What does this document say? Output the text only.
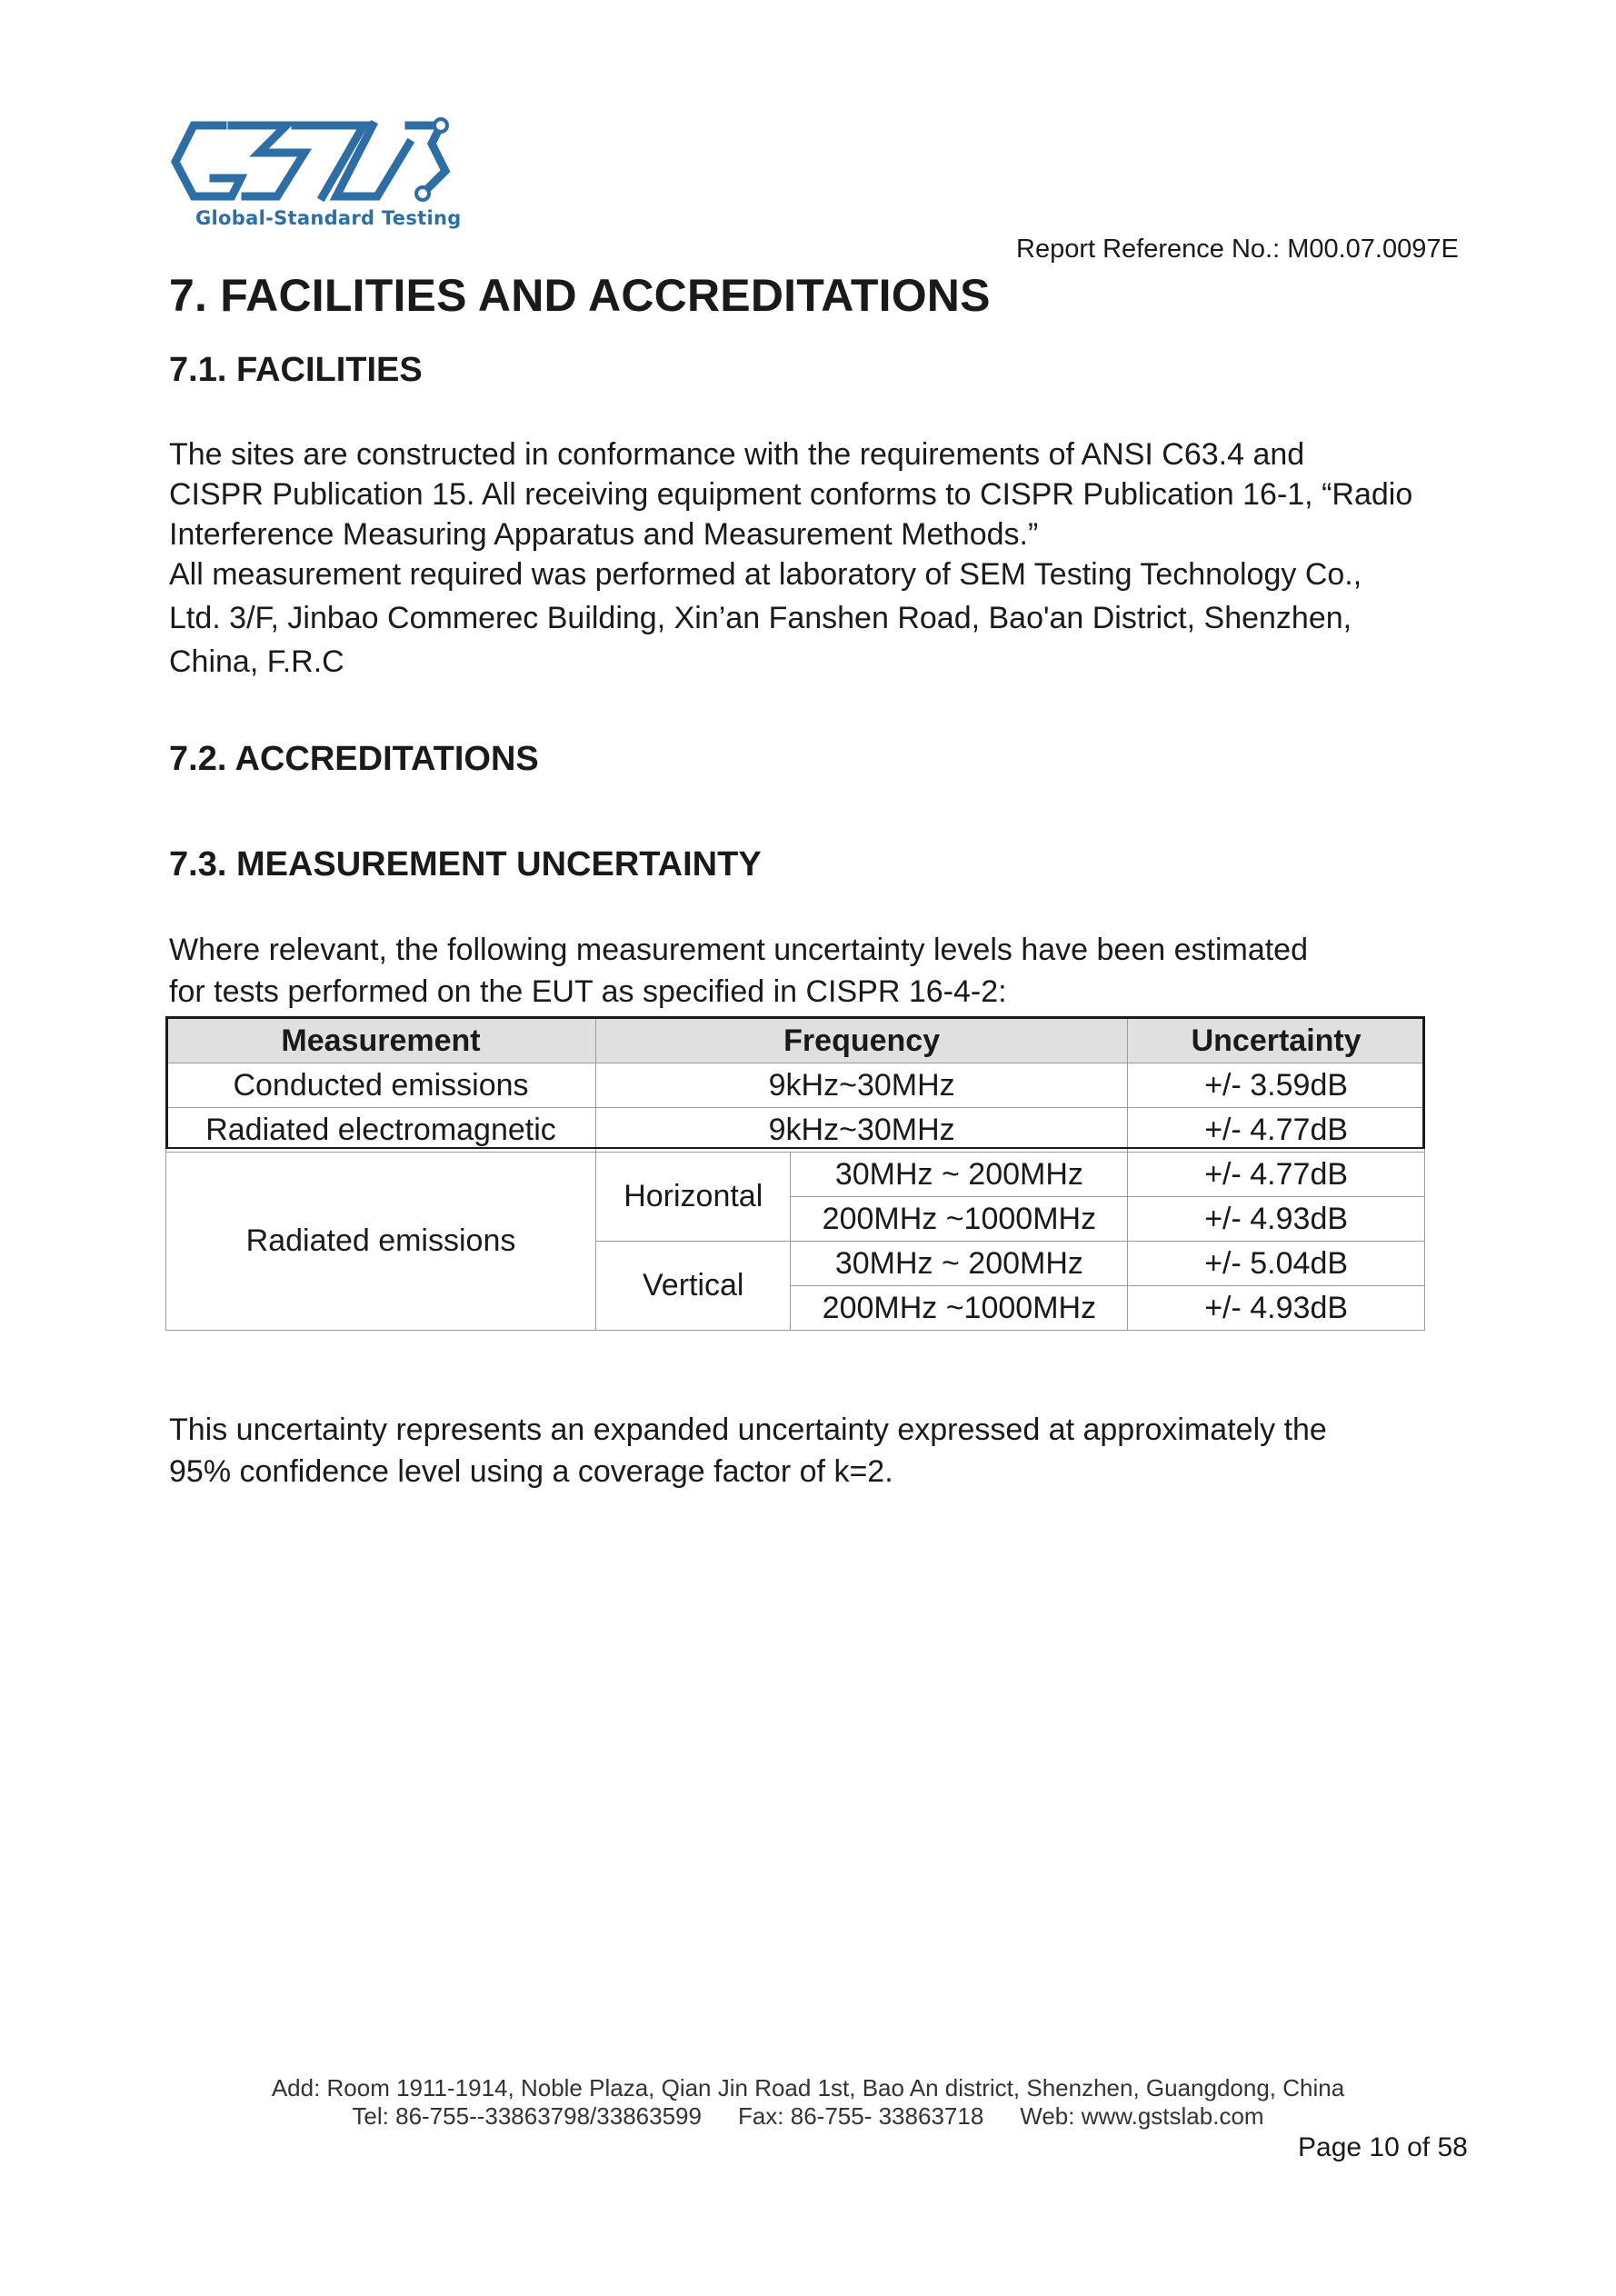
Global-Standard Testing
Report Reference No.: M00.07.0097E
7. FACILITIES AND ACCREDITATIONS
7.1. FACILITIES
The sites are constructed in conformance with the requirements of ANSI C63.4 and
CISPR Publication 15. All receiving equipment conforms to CISPR Publication 16-1, “Radio
Interference Measuring Apparatus and Measurement Methods.”
All measurement required was performed at laboratory of SEM Testing Technology Co.,
Ltd. 3/F, Jinbao Commerec Building, Xin’an Fanshen Road, Bao'an District, Shenzhen,
China, F.R.C
7.2. ACCREDITATIONS
7.3. MEASUREMENT UNCERTAINTY
Where relevant, the following measurement uncertainty levels have been estimated
for tests performed on the EUT as specified in CISPR 16-4-2:
Measurement	Frequency		Uncertainty
Conducted emissions	9kHz~30MHz		+/- 3.59dB
Radiated electromagnetic	9kHz~30MHz		+/- 4.77dB
Radiated emissions	Horizontal	30MHz ~ 200MHz	+/- 4.77dB
		200MHz ~1000MHz	+/- 4.93dB
	Vertical	30MHz ~ 200MHz	+/- 5.04dB
		200MHz ~1000MHz	+/- 4.93dB
This uncertainty represents an expanded uncertainty expressed at approximately the
95% confidence level using a coverage factor of k=2.
Add: Room 1911-1914, Noble Plaza, Qian Jin Road 1st, Bao An district, Shenzhen, Guangdong, China
Tel: 86-755--33863798/33863599 Fax: 86-755- 33863718 Web: www.gstslab.com
Page 10 of 58
